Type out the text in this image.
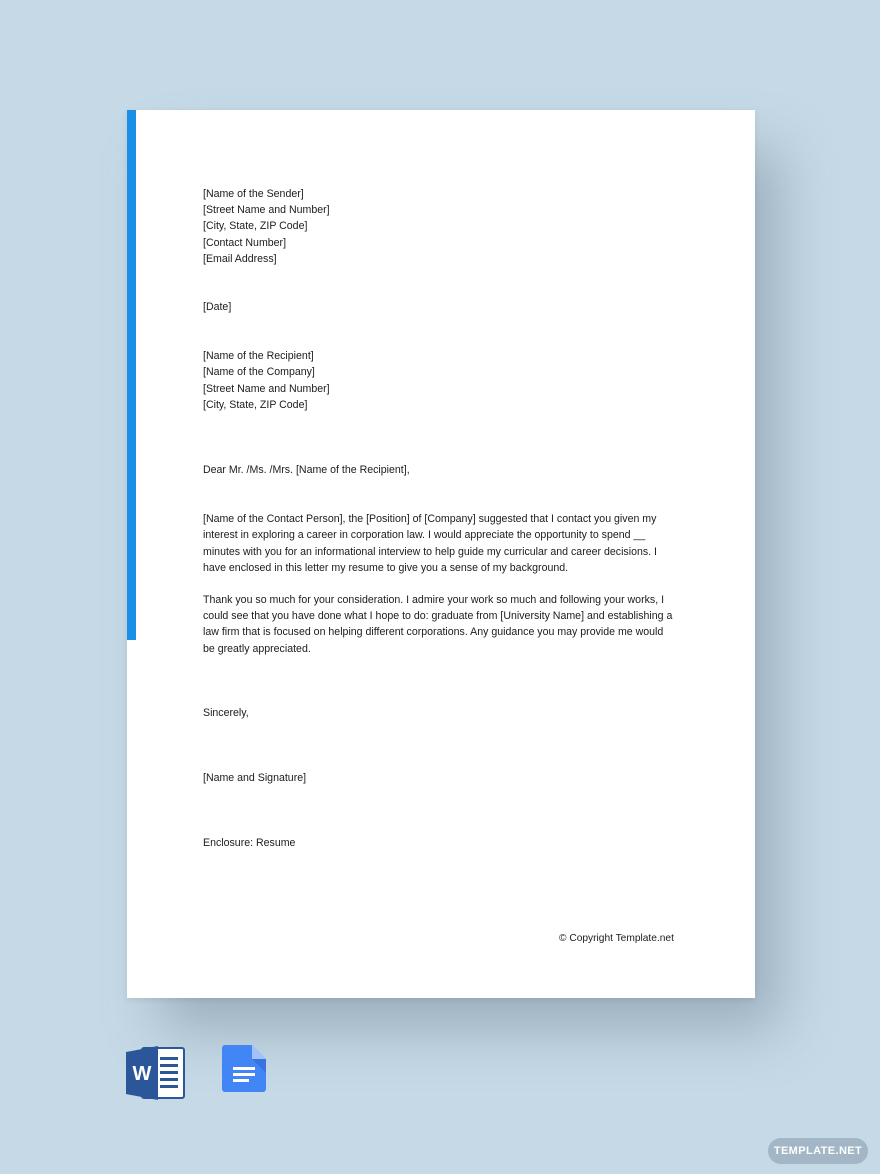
[Name of the Sender]
[Street Name and Number]
[City, State, ZIP Code]
[Contact Number]
[Email Address]
[Date]
[Name of the Recipient]
[Name of the Company]
[Street Name and Number]
[City, State, ZIP Code]
Dear Mr. /Ms. /Mrs. [Name of the Recipient],
[Name of the Contact Person], the [Position] of [Company] suggested that I contact you given my
interest in exploring a career in corporation law. I would appreciate the opportunity to spend __
minutes with you for an informational interview to help guide my curricular and career decisions. I
have enclosed in this letter my resume to give you a sense of my background.
Thank you so much for your consideration. I admire your work so much and following your works, I
could see that you have done what I hope to do: graduate from [University Name] and establishing a
law firm that is focused on helping different corporations. Any guidance you may provide me would
be greatly appreciated.
Sincerely,
[Name and Signature]
Enclosure: Resume
© Copyright Template.net
W
TEMPLATE.NET
